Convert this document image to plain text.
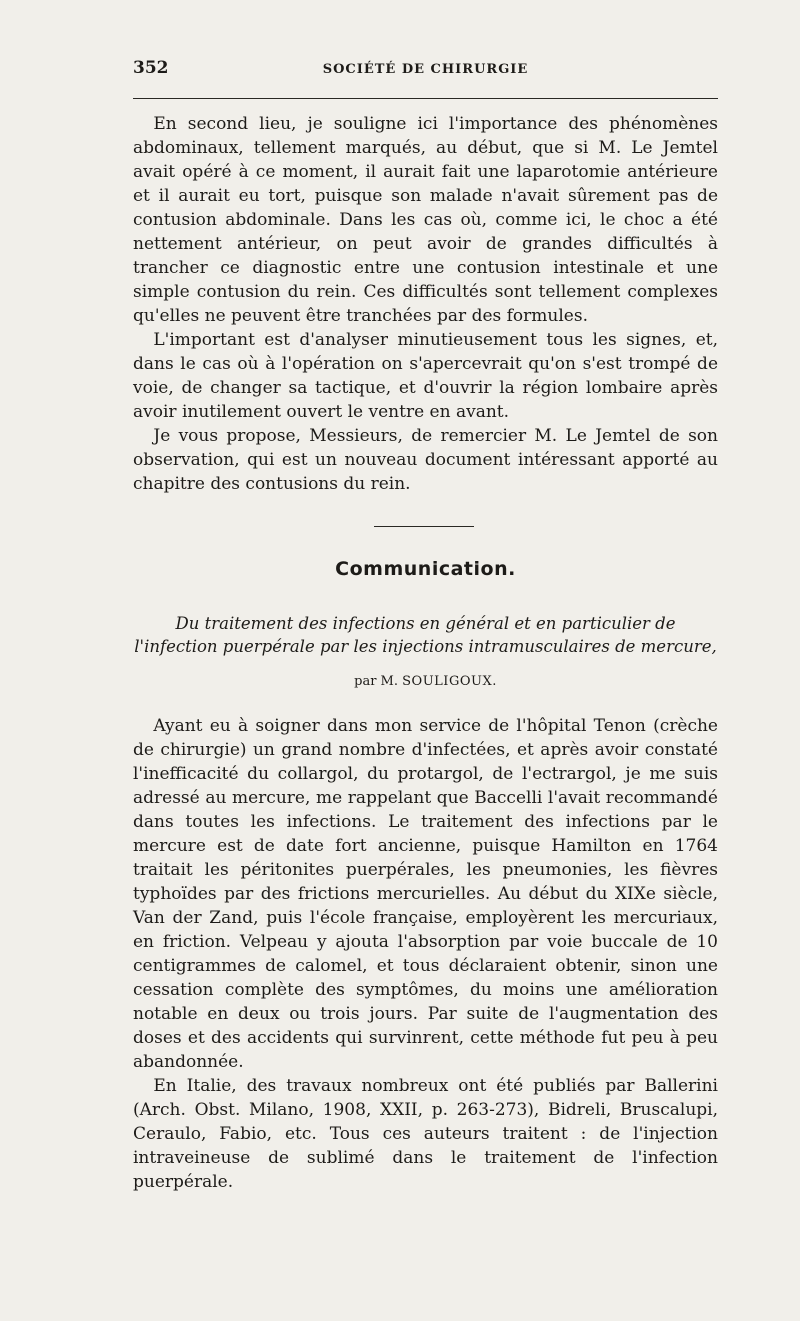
352	SOCIÉTÉ DE CHIRURGIE

En second lieu, je souligne ici l'importance des phénomènes abdominaux, tellement marqués, au début, que si M. Le Jemtel avait opéré à ce moment, il aurait fait une laparotomie antérieure et il aurait eu tort, puisque son malade n'avait sûrement pas de contusion abdominale. Dans les cas où, comme ici, le choc a été nettement antérieur, on peut avoir de grandes difficultés à trancher ce diagnostic entre une contusion intestinale et une simple contusion du rein. Ces difficultés sont tellement complexes qu'elles ne peuvent être tranchées par des formules.

L'important est d'analyser minutieusement tous les signes, et, dans le cas où à l'opération on s'apercevrait qu'on s'est trompé de voie, de changer sa tactique, et d'ouvrir la région lombaire après avoir inutilement ouvert le ventre en avant.

Je vous propose, Messieurs, de remercier M. Le Jemtel de son observation, qui est un nouveau document intéressant apporté au chapitre des contusions du rein.

Communication.
Du traitement des infections en général et en particulier de l'infection puerpérale par les injections intramusculaires de mercure,
par M. SOULIGOUX.

Ayant eu à soigner dans mon service de l'hôpital Tenon (crèche de chirurgie) un grand nombre d'infectées, et après avoir constaté l'inefficacité du collargol, du protargol, de l'ectrargol, je me suis adressé au mercure, me rappelant que Baccelli l'avait recommandé dans toutes les infections. Le traitement des infections par le mercure est de date fort ancienne, puisque Hamilton en 1764 traitait les péritonites puerpérales, les pneumonies, les fièvres typhoïdes par des frictions mercurielles. Au début du XIXe siècle, Van der Zand, puis l'école française, employèrent les mercuriaux, en friction. Velpeau y ajouta l'absorption par voie buccale de 10 centigrammes de calomel, et tous déclaraient obtenir, sinon une cessation complète des symptômes, du moins une amélioration notable en deux ou trois jours. Par suite de l'augmentation des doses et des accidents qui survinrent, cette méthode fut peu à peu abandonnée.

En Italie, des travaux nombreux ont été publiés par Ballerini (Arch. Obst. Milano, 1908, XXII, p. 263-273), Bidreli, Bruscalupi, Ceraulo, Fabio, etc. Tous ces auteurs traitent : de l'injection intraveineuse de sublimé dans le traitement de l'infection puerpérale.
